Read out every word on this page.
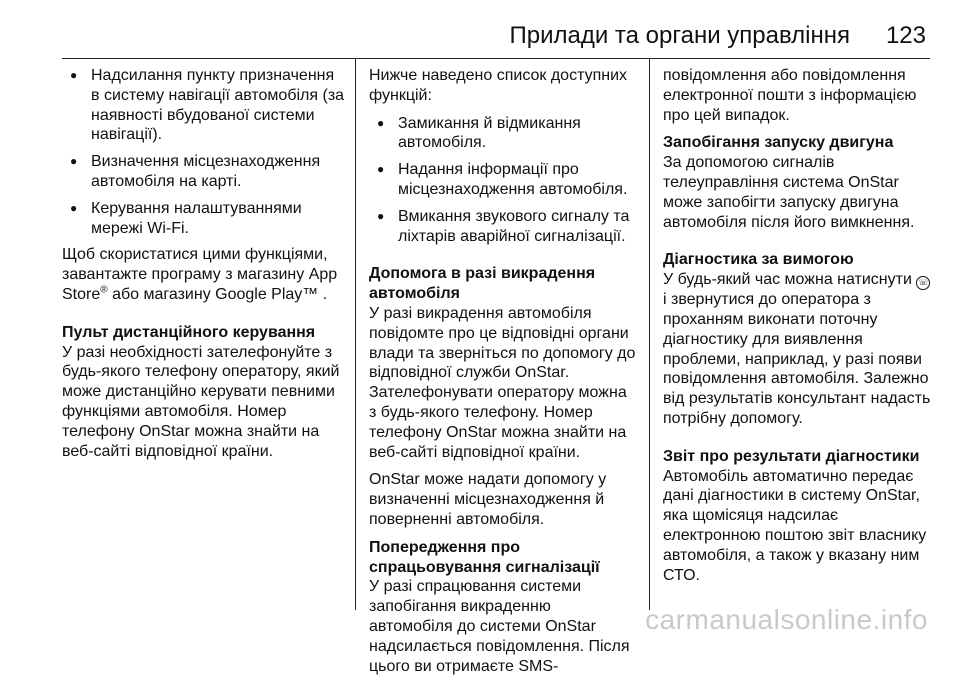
Прилади та органи управління 123
● Надсилання пункту призначення в систему навігації автомобіля (за наявності вбудованої системи навігації).
● Визначення місцезнаходження автомобіля на карті.
● Керування налаштуваннями мережі Wi-Fi.

Щоб скористатися цими функціями, завантажте програму з магазину App Store® або магазину Google Play™ .

Пульт дистанційного керування

У разі необхідності зателефонуйте з будь-якого телефону оператору, який може дистанційно керувати певними функціями автомобіля. Номер телефону OnStar можна знайти на веб-сайті відповідної країни.

Нижче наведено список доступних функцій:

● Замикання й відмикання автомобіля.
● Надання інформації про місцезнаходження автомобіля.
● Вмикання звукового сигналу та ліхтарів аварійної сигналізації.
Допомога в разі викрадення автомобіля

У разі викрадення автомобіля повідомте про це відповідні органи влади та зверніться по допомогу до відповідної служби OnStar. Зателефонувати оператору можна з будь-якого телефону. Номер телефону OnStar можна знайти на веб-сайті відповідної країни.

OnStar може надати допомогу у визначенні місцезнаходження й поверненні автомобіля.

Попередження про спрацьовування сигналізації

У разі спрацювання системи запобігання викраденню автомобіля до системи OnStar надсилається повідомлення. Після цього ви отримаєте SMS-

повідомлення або повідомлення електронної пошти з інформацією про цей випадок.

Запобігання запуску двигуна

За допомогою сигналів телеуправління система OnStar може запобігти запуску двигуна автомобіля після його вимкнення.

Діагностика за вимогою

У будь-який час можна натиснути ☏ і звернутися до оператора з проханням виконати поточну діагностику для виявлення проблеми, наприклад, у разі появи повідомлення автомобіля. Залежно від результатів консультант надасть потрібну допомогу.

Звіт про результати діагностики

Автомобіль автоматично передає дані діагностики в систему OnStar, яка щомісяця надсилає електронною поштою звіт власнику автомобіля, а також у вказану ним СТО.

carmanualsonline.info
